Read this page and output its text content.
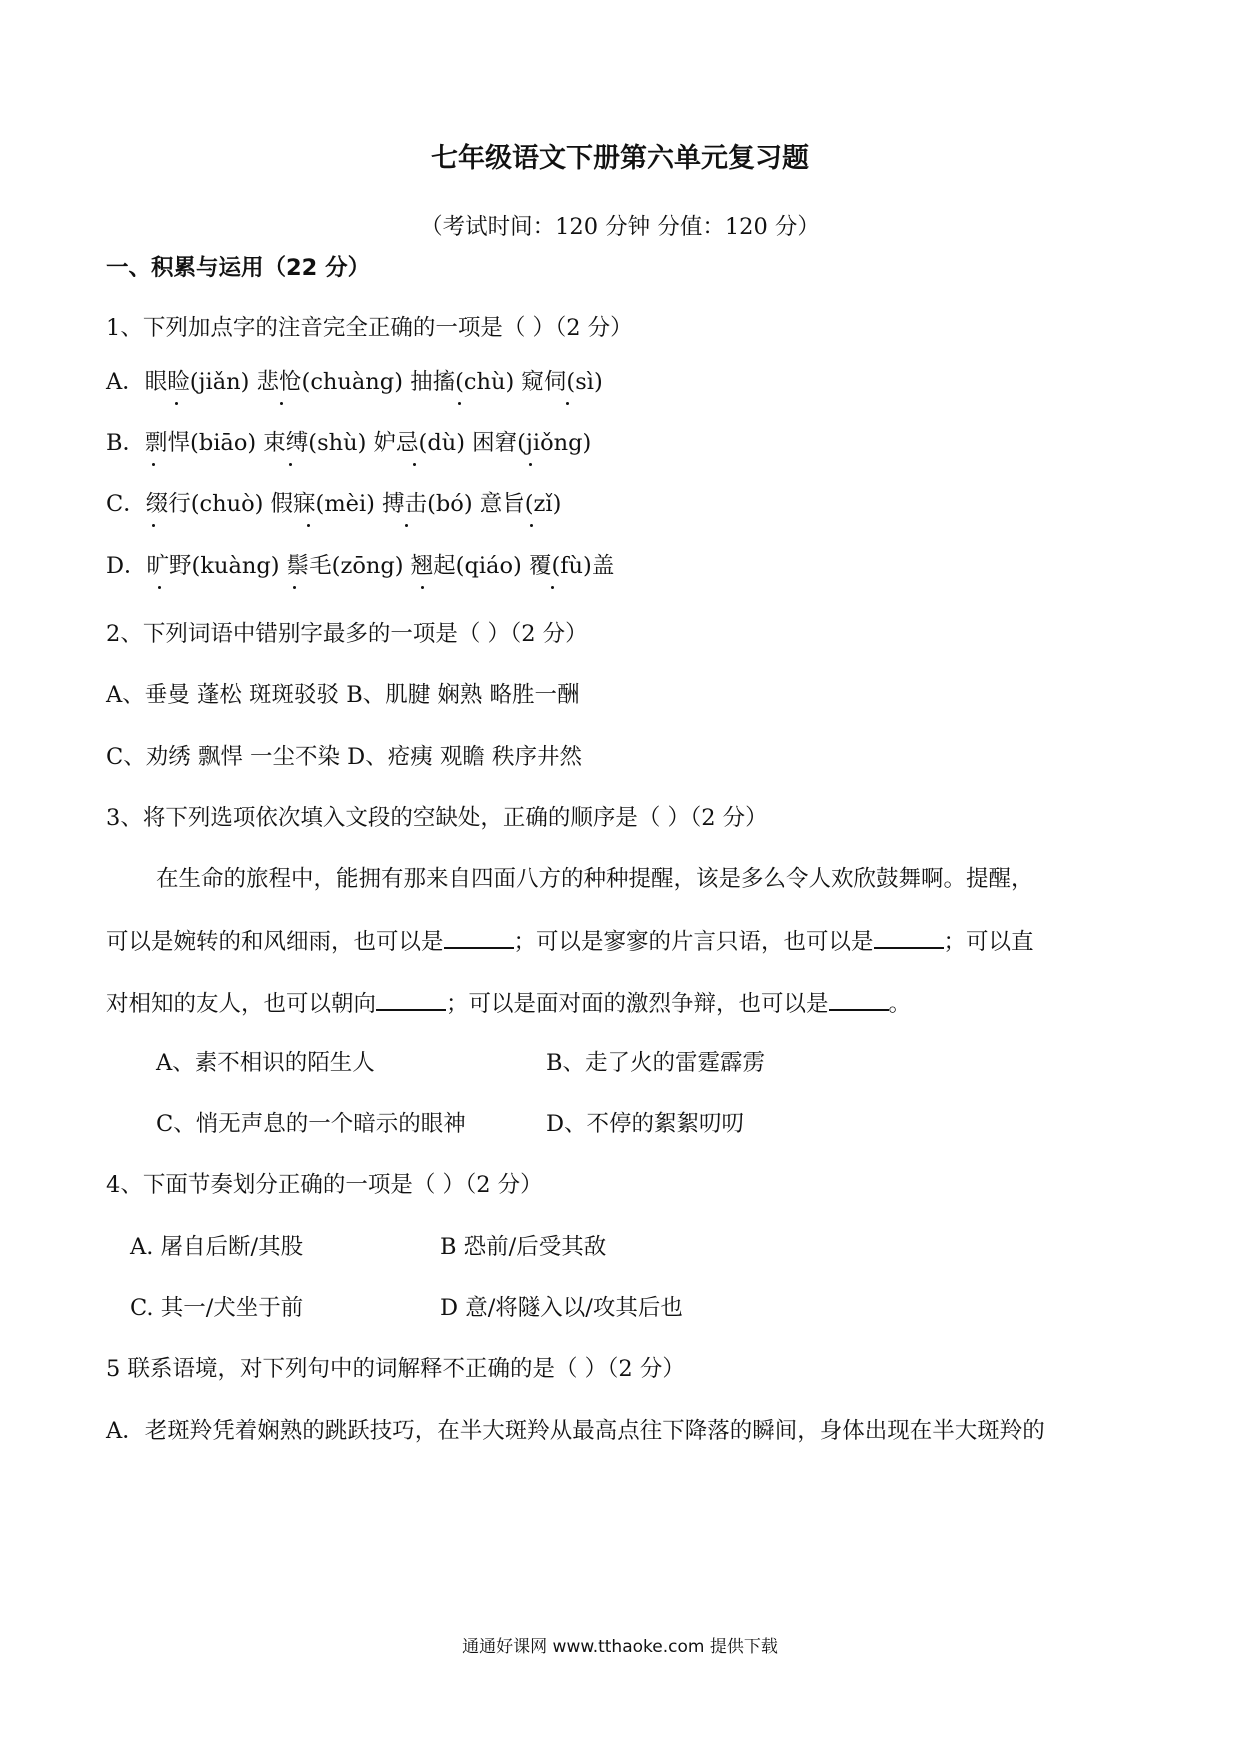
七年级语文下册第六单元复习题
（考试时间：120 分钟 分值：120 分）
一、积累与运用（22 分）
1、下列加点字的注音完全正确的一项是（ ）（2 分）
A．眼睑(jiǎn) 悲怆(chuàng) 抽搐(chù) 窥伺(sì)
B．剽悍(biāo) 束缚(shù) 妒忌(dù) 困窘(jiǒng)
C．缀行(chuò) 假寐(mèi) 搏击(bó) 意旨(zǐ)
D．旷野(kuàng) 鬃毛(zōng) 翘起(qiáo) 覆(fù)盖
2、下列词语中错别字最多的一项是（ ）（2 分）
A、垂曼 蓬松 斑斑驳驳 B、肌腱 娴熟 略胜一酬
C、劝绣 飘悍 一尘不染 D、疮痍 观瞻 秩序井然
3、将下列选项依次填入文段的空缺处，正确的顺序是（ ）（2 分）
在生命的旅程中，能拥有那来自四面八方的种种提醒，该是多么令人欢欣鼓舞啊。提醒，
可以是婉转的和风细雨，也可以是	；可以是寥寥的片言只语，也可以是	；可以直
对相知的友人，也可以朝向	；可以是面对面的激烈争辩，也可以是	。
A、素不相识的陌生人	B、走了火的雷霆霹雳
C、悄无声息的一个暗示的眼神	D、不停的絮絮叨叨
4、下面节奏划分正确的一项是（ ）（2 分）
A. 屠自后断/其股	B 恐前/后受其敌
C. 其一/犬坐于前	D 意/将隧入以/攻其后也
5 联系语境，对下列句中的词解释不正确的是（ ）（2 分）
A．老斑羚凭着娴熟的跳跃技巧，在半大斑羚从最高点往下降落的瞬间，身体出现在半大斑羚的
通通好课网 www.tthaoke.com 提供下载
